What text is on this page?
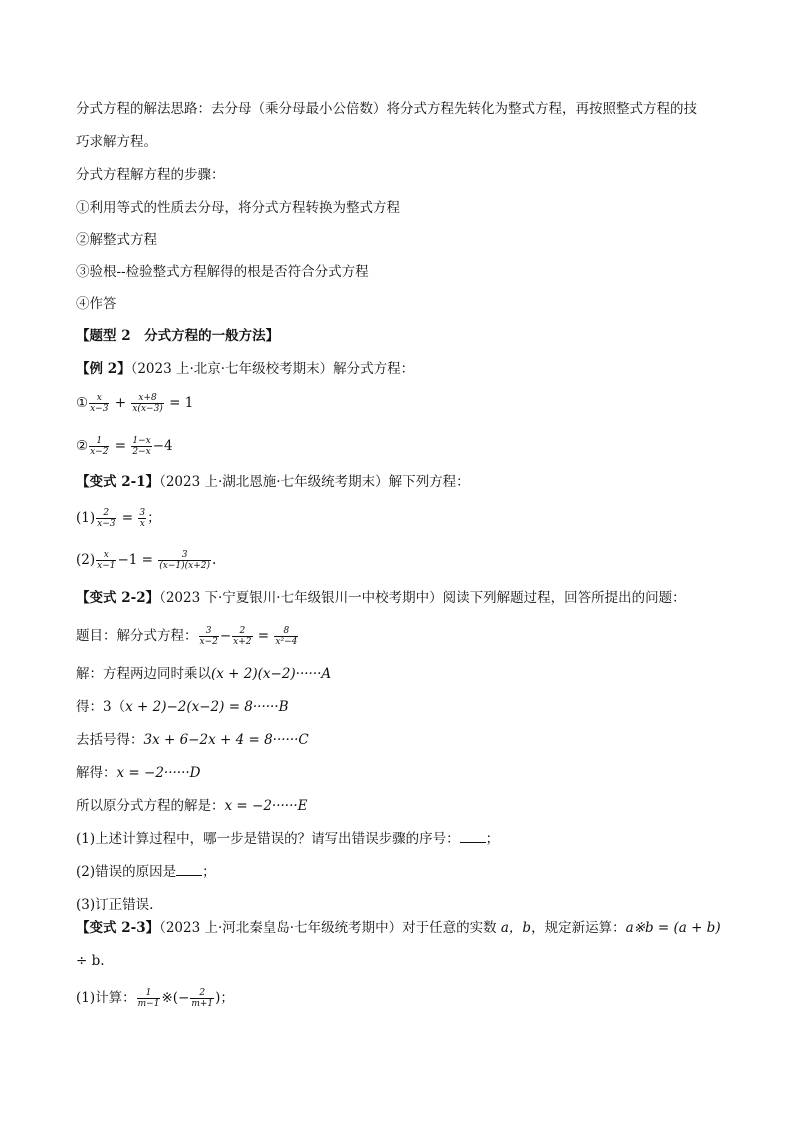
分式方程的解法思路：去分母（乘分母最小公倍数）将分式方程先转化为整式方程，再按照整式方程的技
巧求解方程。
分式方程解方程的步骤：
①利用等式的性质去分母，将分式方程转换为整式方程
②解整式方程
③验根--检验整式方程解得的根是否符合分式方程
④作答
【题型 2　分式方程的一般方法】
【例 2】（2023 上·北京·七年级校考期末）解分式方程：
① $\frac{x}{x-3} + \frac{x+8}{x(x-3)} = 1$
② $\frac{1}{x-2} = \frac{1-x}{2-x} -4$
【变式 2-1】（2023 上·湖北恩施·七年级统考期末）解下列方程：
$(1) \frac{2}{x-3} = \frac{3}{x}$ ；
$(2) \frac{x}{x-1} -1 = \frac{3}{(x-1)(x+2)}$ .
【变式 2-2】（2023 下·宁夏银川·七年级银川一中校考期中）阅读下列解题过程，回答所提出的问题：
题目：解分式方程： $\frac{3}{x-2} - \frac{2}{x+2} = \frac{8}{\text{x²−4}}$
解：方程两边同时乘以(x + 2)(x−2)······A
得：3（x + 2)−2(x−2) = 8······B
去括号得：3x + 6−2x + 4 = 8······C
解得：x = −2······D
所以原分式方程的解是：x = −2······E
(1)上述计算过程中，哪一步是错误的？请写出错误步骤的序号： ；
(2)错误的原因是 ；
(3)订正错误.
【变式 2-3】（2023 上·河北秦皇岛·七年级统考期中）对于任意的实数 a，b，规定新运算：a※b = (a + b)
÷ b.
(1)计算： $\frac{1}{m-1}$ ※(− $\frac{2}{m+1}$ )；
